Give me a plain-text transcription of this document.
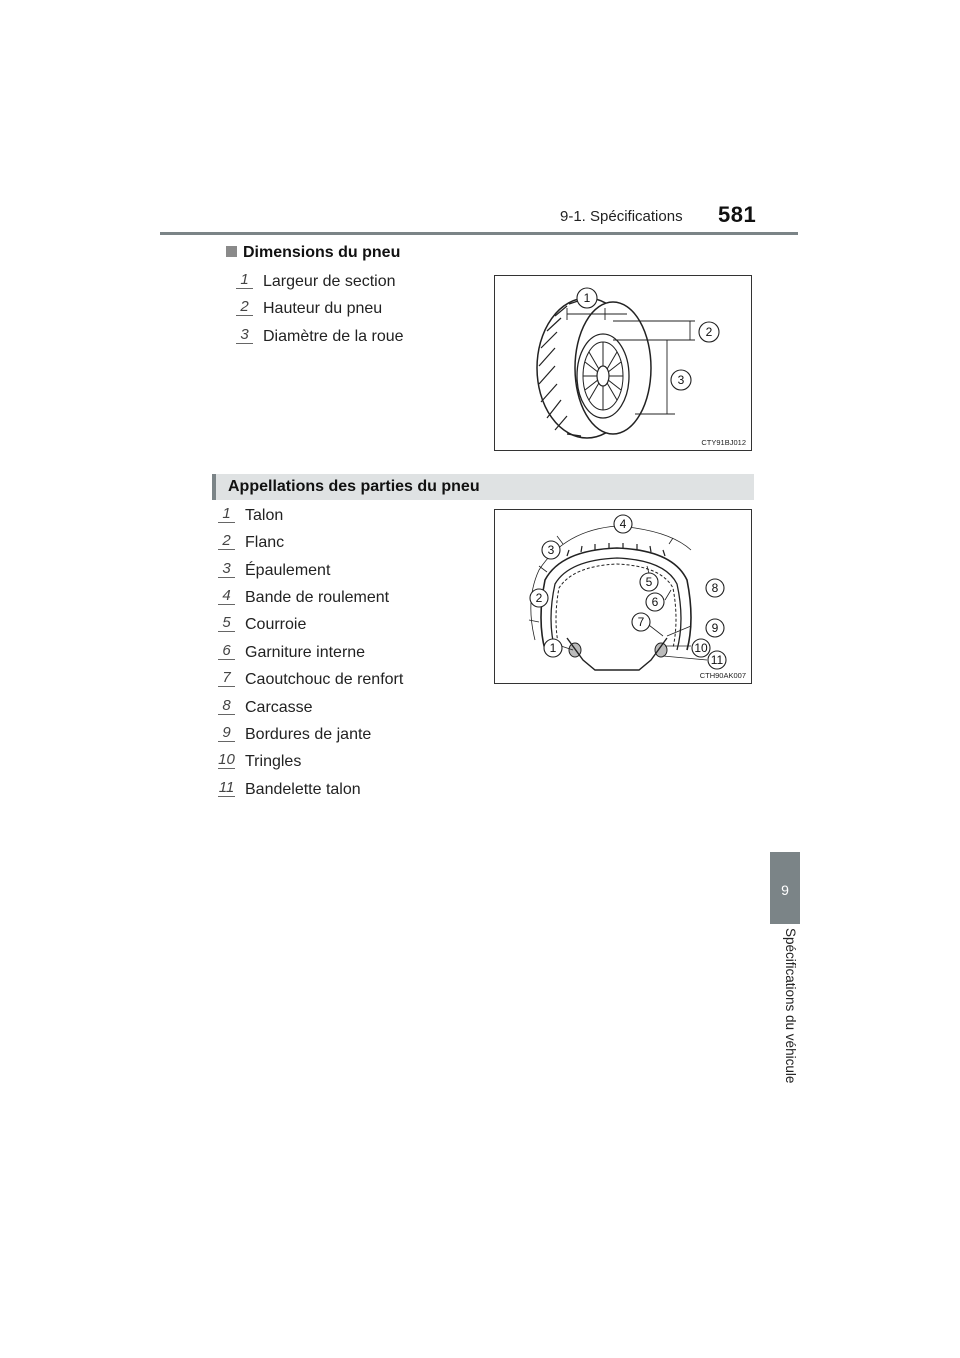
9-1. Spécifications 581
9
Spécifications du véhicule
Dimensions du pneu
1 Largeur de section
2 Hauteur du pneu
3 Diamètre de la roue
1
2
3
CTY91BJ012
Appellations des parties du pneu
1 Talon
2 Flanc
3 Épaulement
4 Bande de roulement
5 Courroie
6 Garniture interne
7 Caoutchouc de renfort
8 Carcasse
9 Bordures de jante
10 Tringles
11 Bandelette talon
1
2
3
4
5
6
7
8
9
10
11
CTH90AK007
